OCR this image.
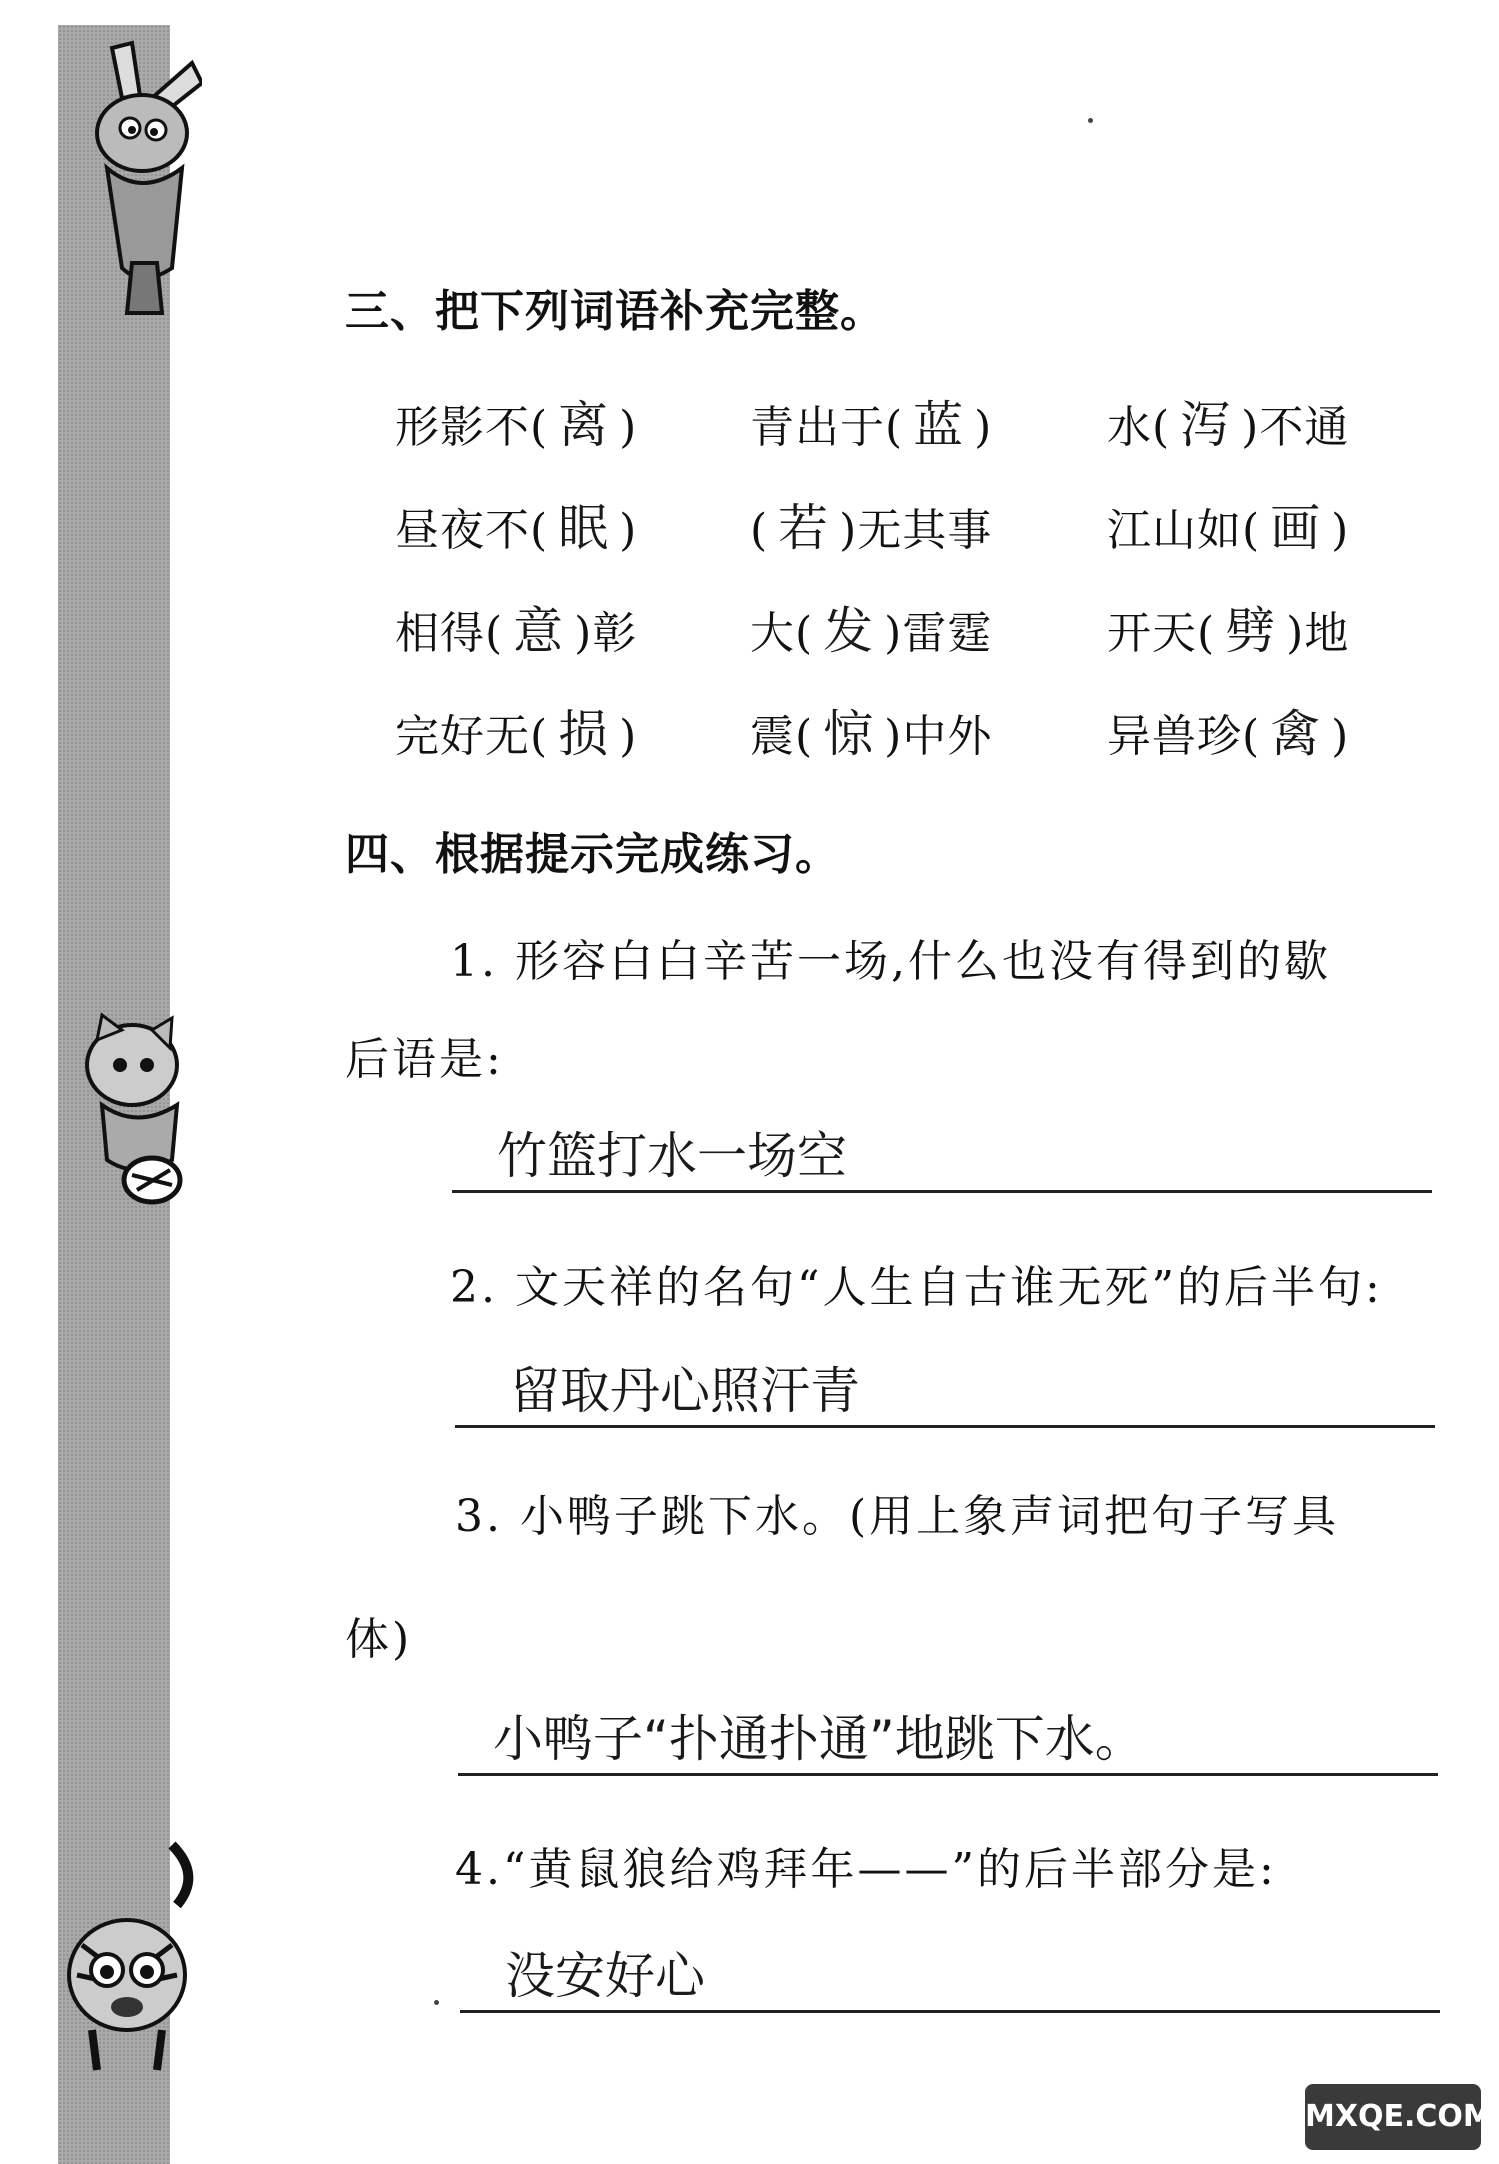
三、把下列词语补充完整。
形影不( 离 )	青出于( 蓝 )	水( 泻 )不通
昼夜不( 眠 )	( 若 )无其事	江山如( 画 )
相得( 意 )彰	大( 发 )雷霆	开天( 劈 )地
完好无( 损 )	震( 惊 )中外	异兽珍( 禽 )
四、根据提示完成练习。
1. 形容白白辛苦一场,什么也没有得到的歇
后语是:
竹篮打水一场空
2. 文天祥的名句“人生自古谁无死”的后半句:
留取丹心照汗青
3. 小鸭子跳下水。(用上象声词把句子写具
体)
小鸭子“扑通扑通”地跳下水。
4.“黄鼠狼给鸡拜年——”的后半部分是:
没安好心
MXQE.COM
